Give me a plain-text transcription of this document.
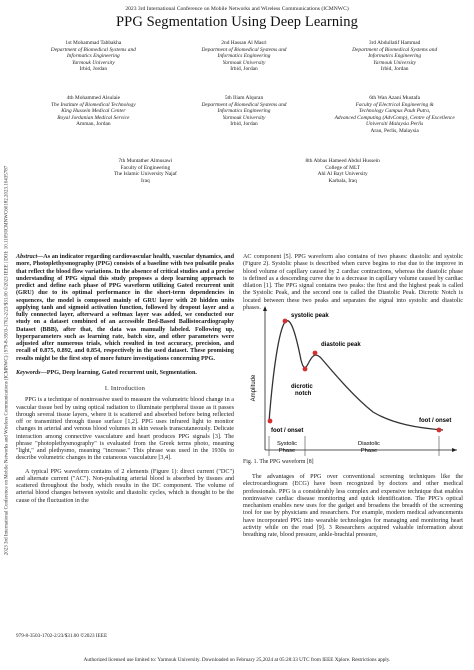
2023 3rd International Conference on Mobile Networks and Wireless Communications (ICMNWC) | 979-8-3503-1702-2/23/$31.00 ©2023 IEEE | DOI: 10.1109/ICMNWC60182.2023.10435787
2023 3rd International Conference on Mobile Networks and Wireless Communications (ICMNWC)
PPG Segmentation Using Deep Learning
1st Mohammad Tabbakha
Department of Biomedical Systems and
Informatics Engineering
Yarmouk University
Irbid, Jordan
2nd Hassan Al Masri
Department of Biomedical Systems and
Informatics Engineering
Yarmouk University
Irbid, Jordan
3rd Abdullatif Hammad
Department of Biomedical Systems and
Informatics Engineering
Yarmouk University
Irbid, Jordan
4th Mohammed Alsulaie
The Institute of Biomedical Technology
King Hussein Medical Center
Royal Jordanian Medical Service
Amman, Jordan
5th Iliam Alquran
Department of Biomedical Systems and
Informatics Engineering
Yarmouk University
Irbid, Jordan
6th Wan Azani Mustafa
Faculty of Electrical Engineering &
Technology Campus Pauh Putra,
Advanced Computing (AdvComp), Centre of Excellence
Universiti Malaysia Perlis
Arau, Perlis, Malaysia
7th Muntather Almusawi
Faculty of Engineering
The Islamic University Najaf
Iraq
8th Abbas Hameed Abdul Hussein
College of MLT
Ahl Al Bayt University
Karbala, Iraq

Abstract—As an indicator regarding cardiovascular health, vascular dynamics, and more, Photoplethysmography (PPG) consists of a baseline with two pulsatile peaks that reflect the blood flow variations. In the absence of critical studies and a precise understanding of PPG signal this study proposes a deep learning approach to predict and define each phase of PPG waveform utilizing Gated recurrent unit (GRU) due to its optimal performance in the short-term dependencies in sequences, the model is composed mainly of GRU layer with 20 hidden units applying tanh and sigmoid activation function, followed by dropout layer and a fully connected layer, afterward a softmax layer was added, we conducted our study on a dataset combined of an accessible Bed-Based Ballistocardiography Dataset (BBB), after that, the data was manually labeled. Following up, hyperparameters such as learning rate, batch size, and other parameters were adjusted after numerous trials, which resulted in test accuracy, precision, and recall of 0.875, 0.892, and 0.854, respectively in the used dataset. These promising results might be the first step of more future investigations concerning PPG.

Keywords—PPG, Deep learning, Gated recurrent unit, Segmentation.

I. Introduction

PPG is a technique of noninvasive used to measure the volumetric blood change in a vascular tissue bed by using optical radiation to illuminate peripheral tissue as it passes through several tissue layers, where it is scattered and absorbed before being reflected off or transmitted through tissue surface [1,2]. PPG uses infrared light to monitor changes in arterial and venous blood volumes in skin vessels transcutaneously. Delicate interaction among connective vasculature and heart produces PPG signals [3]. The phrase "photoplethysmography" is evaluated from the Greek terms photo, meaning "light," and plethysmo, meaning "increase." This phrase was used in the 1930s to describe volumetric changes in the cutaneous vasculature [3,4].

A typical PPG waveform contains of 2 elements (Figure 1): direct current ("DC") and alternate current ("AC"). Non-pulsating arterial blood is absorbed by tissues and scattered throughout the body, which results in the DC component. The volume of arterial blood changes between systolic and diastolic cycles, which is thought to be the cause of the fluctuation in the

AC component [5]. PPG waveform also contains of two phases: diastolic and systolic (Figure 2). Systolic phase is described when curve begins to rise due to the improve in blood volume of capillary caused by 2 cardiac contractions, whereas the diastolic phase is defined as a descending curve due to a decrease in capillary volume caused by cardiac dilation [1]. The PPG signal contains two peaks: the first and the highest peak is called the Systolic Peak, and the second one is called the Diastolic Peak. Dicrotic Notch is located between these two peaks and separates the signal into systolic and diastolic phases.

Amplitude
systolic peak
diastolic peak
dicrotic
notch
foot / onset
foot / onset
Systolic
Phase
Diastolic
Phase
Fig. 1. The PPG waveform [8]

The advantages of PPG over conventional screening techniques like the electrocardiogram (ECG) have been recognized by doctors and other medical professionals. PPG is a considerably less complex and expensive technique that enables noninvasive cardiac disease monitoring and quick identification. The PPG's optical mechanism enables new uses for the gadget and broadens the breadth of the screening tool for use by physicians and researchers. For example, modern medical advancements have incorporated PPG into wearable technologies for managing and monitoring heart activity while on the road [9]. 3 Researchers acquired valuable information about breathing rate, blood pressure, ankle-brachial pressure,

979-8-3503-1702-2/23/$31.00 ©2023 IEEE
Authorized licensed use limited to: Yarmouk University. Downloaded on February 25,2024 at 05:28:33 UTC from IEEE Xplore. Restrictions apply.
